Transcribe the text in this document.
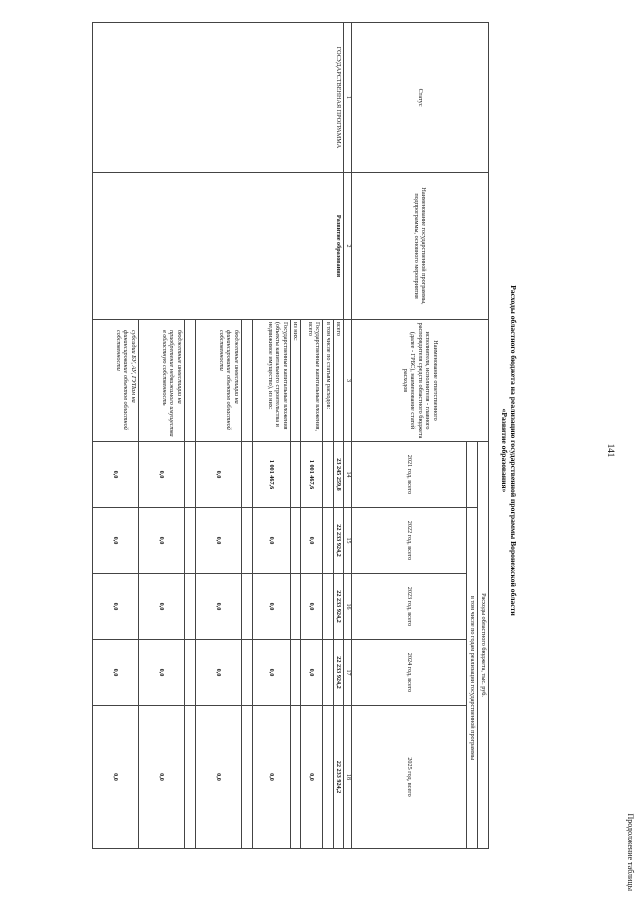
141
Продолжение таблицы
Расходы областного бюджета на реализацию государственной программы Воронежской области
«Развитие образования»
Статус	Наименование государственной программы, подпрограммы, основного мероприятия	Наименование ответственного исполнителя, исполнителя - главного распорядителя средств областного бюджета (далее - ГРБС), наименование статей расходов	Расходы областного бюджета, тыс. руб.				
				в том числе по годам реализации государственной программы			
			2021 год, всего	2022 год, всего	2023 год, всего	2024 год, всего	2025 год, всего
1	2	3	14	15	16	17	18
ГОСУДАРСТВЕННАЯ ПРОГРАММА	Развитие образования	всего	23 245 259,8	22 233 924,2	22 233 924,2	22 233 924,2	22 233 924,2
		в том числе по статьям расходов:					
		Государственные капитальные вложения, всего	1 001 467,6	0,0	0,0	0,0	0,0
		из них:					
		Государственные капитальные вложения (объекты капитального строительства и недвижимое имущество), из них:	1 001 467,6	0,0	0,0	0,0	0,0

		бюджетные инвестиции на финансирование объектов областной собственности	0,0	0,0	0,0	0,0	0,0

		бюджетные инвестиции на приобретение недвижимого имущества в областную собственность	0,0	0,0	0,0	0,0	0,0
		субсидии БУ, АУ, ГУПам на финансирование объектов областной собственности	0,0	0,0	0,0	0,0	0,0
